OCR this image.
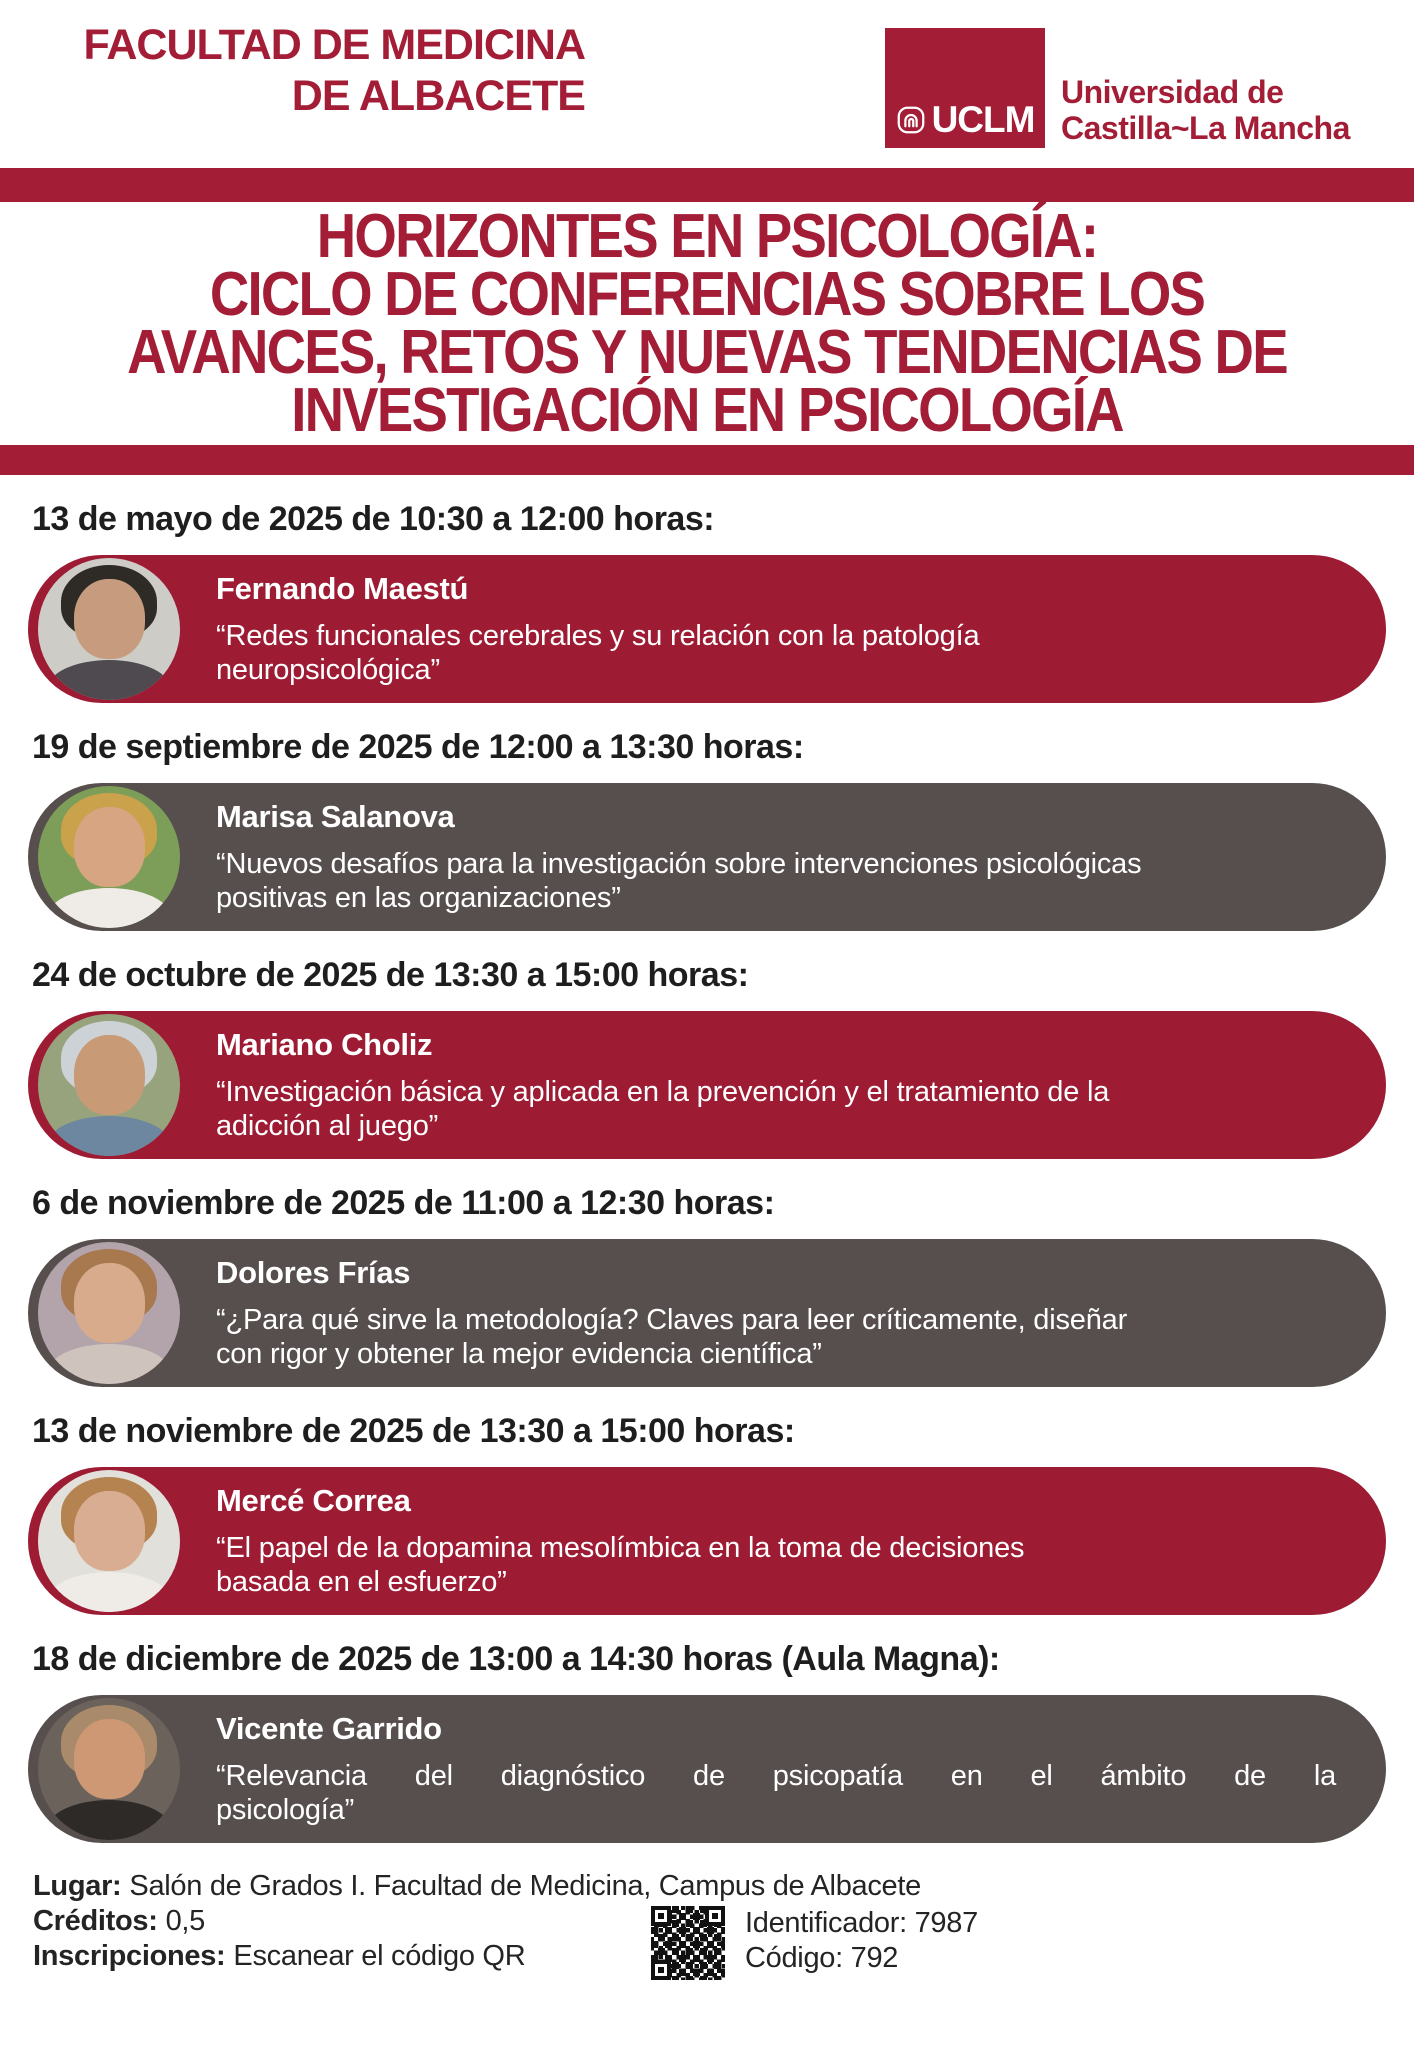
FACULTAD DE MEDICINA
DE ALBACETE	UCLM
Universidad de
Castilla~La Mancha
HORIZONTES EN PSICOLOGÍA:
CICLO DE CONFERENCIAS SOBRE LOS
AVANCES, RETOS Y NUEVAS TENDENCIAS DE
INVESTIGACIÓN EN PSICOLOGÍA
13 de mayo de 2025 de 10:30 a 12:00 horas:
Fernando Maestú
“Redes funcionales cerebrales y su relación con la patología
neuropsicológica”
19 de septiembre de 2025 de 12:00 a 13:30 horas:
Marisa Salanova
“Nuevos desafíos para la investigación sobre intervenciones psicológicas
positivas en las organizaciones”
24 de octubre de 2025 de 13:30 a 15:00 horas:
Mariano Choliz
“Investigación básica y aplicada en la prevención y el tratamiento de la
adicción al juego”
6 de noviembre de 2025 de 11:00 a 12:30 horas:
Dolores Frías
“¿Para qué sirve la metodología? Claves para leer críticamente, diseñar
con rigor y obtener la mejor evidencia científica”
13 de noviembre de 2025 de 13:30 a 15:00 horas:
Mercé Correa
“El papel de la dopamina mesolímbica en la toma de decisiones
basada en el esfuerzo”
18 de diciembre de 2025 de 13:00 a 14:30 horas (Aula Magna):
Vicente Garrido
“Relevancia del diagnóstico de psicopatía en el ámbito de la
psicología”
Lugar: Salón de Grados I. Facultad de Medicina, Campus de Albacete
Créditos: 0,5
Inscripciones: Escanear el código QR
Identificador: 7987
Código: 792
